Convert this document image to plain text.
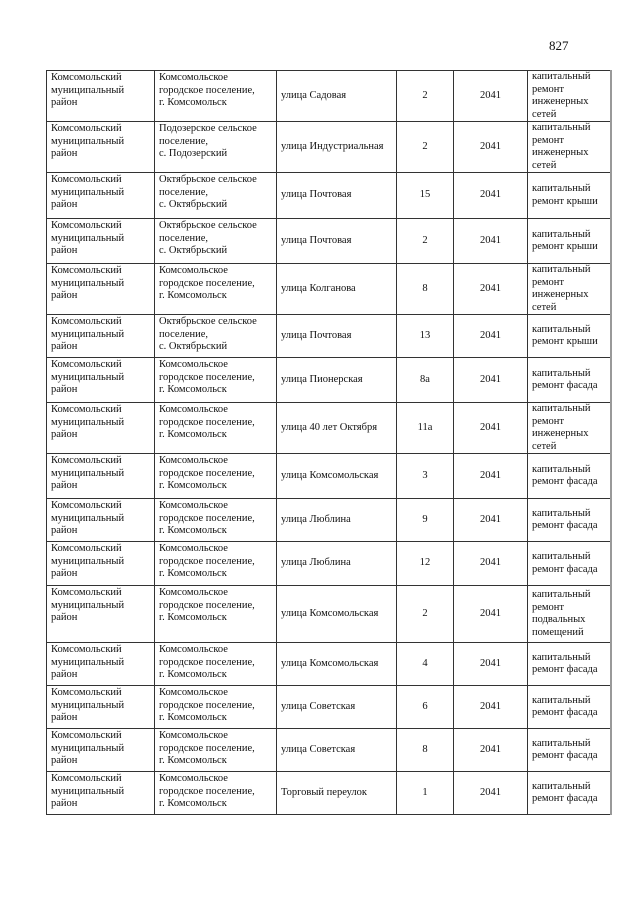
827
Комсомольский муниципальный район	Комсомольское
городское поселение,
г. Комсомольск	улица Садовая	2	2041	капитальный ремонт инженерных сетей
Комсомольский муниципальный район	Подозерское сельское
поселение,
с. Подозерский	улица Индустриальная	2	2041	капитальный ремонт инженерных сетей
Комсомольский муниципальный район	Октябрьское сельское
поселение,
с. Октябрьский	улица Почтовая	15	2041	капитальный ремонт крыши
Комсомольский муниципальный район	Октябрьское сельское
поселение,
с. Октябрьский	улица Почтовая	2	2041	капитальный ремонт крыши
Комсомольский муниципальный район	Комсомольское
городское поселение,
г. Комсомольск	улица Колганова	8	2041	капитальный ремонт инженерных сетей
Комсомольский муниципальный район	Октябрьское сельское
поселение,
с. Октябрьский	улица Почтовая	13	2041	капитальный ремонт крыши
Комсомольский муниципальный район	Комсомольское
городское поселение,
г. Комсомольск	улица Пионерская	8а	2041	капитальный ремонт фасада
Комсомольский муниципальный район	Комсомольское
городское поселение,
г. Комсомольск	улица 40 лет Октября	11а	2041	капитальный ремонт инженерных сетей
Комсомольский муниципальный район	Комсомольское
городское поселение,
г. Комсомольск	улица Комсомольская	3	2041	капитальный ремонт фасада
Комсомольский муниципальный район	Комсомольское
городское поселение,
г. Комсомольск	улица Люблина	9	2041	капитальный ремонт фасада
Комсомольский муниципальный район	Комсомольское
городское поселение,
г. Комсомольск	улица Люблина	12	2041	капитальный ремонт фасада
Комсомольский муниципальный район	Комсомольское
городское поселение,
г. Комсомольск	улица Комсомольская	2	2041	капитальный ремонт подвальных помещений
Комсомольский муниципальный район	Комсомольское
городское поселение,
г. Комсомольск	улица Комсомольская	4	2041	капитальный ремонт фасада
Комсомольский муниципальный район	Комсомольское
городское поселение,
г. Комсомольск	улица Советская	6	2041	капитальный ремонт фасада
Комсомольский муниципальный район	Комсомольское
городское поселение,
г. Комсомольск	улица Советская	8	2041	капитальный ремонт фасада
Комсомольский муниципальный район	Комсомольское
городское поселение,
г. Комсомольск	Торговый переулок	1	2041	капитальный ремонт фасада
